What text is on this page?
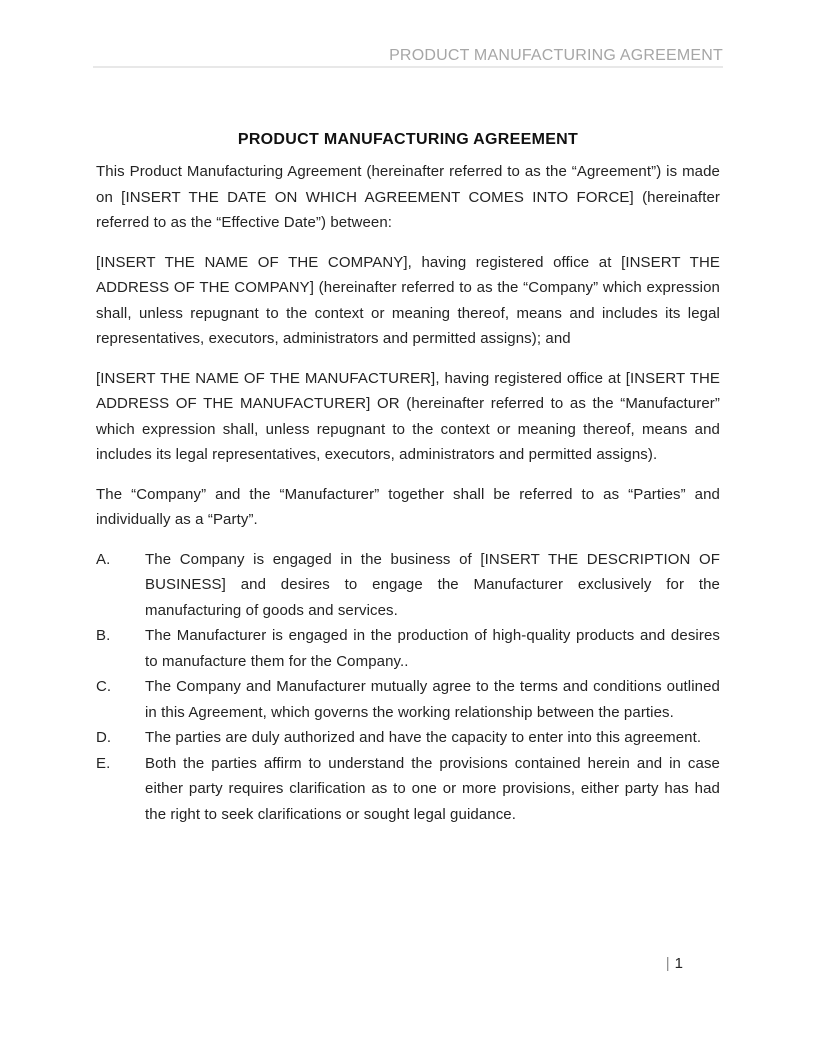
PRODUCT MANUFACTURING AGREEMENT
PRODUCT MANUFACTURING AGREEMENT

This Product Manufacturing Agreement (hereinafter referred to as the “Agreement”) is made on [INSERT THE DATE ON WHICH AGREEMENT COMES INTO FORCE] (hereinafter referred to as the “Effective Date”) between:

[INSERT THE NAME OF THE COMPANY], having registered office at [INSERT THE ADDRESS OF THE COMPANY] (hereinafter referred to as the “Company” which expression shall, unless repugnant to the context or meaning thereof, means and includes its legal representatives, executors, administrators and permitted assigns); and

[INSERT THE NAME OF THE MANUFACTURER], having registered office at [INSERT THE ADDRESS OF THE MANUFACTURER] OR (hereinafter referred to as the “Manufacturer” which expression shall, unless repugnant to the context or meaning thereof, means and includes its legal representatives, executors, administrators and permitted assigns).

The “Company” and the “Manufacturer” together shall be referred to as “Parties” and individually as a “Party”.

A.	The Company is engaged in the business of [INSERT THE DESCRIPTION OF BUSINESS] and desires to engage the Manufacturer exclusively for the manufacturing of goods and services.
B.	The Manufacturer is engaged in the production of high-quality products and desires to manufacture them for the Company..
C.	The Company and Manufacturer mutually agree to the terms and conditions outlined in this Agreement, which governs the working relationship between the parties.
D.	The parties are duly authorized and have the capacity to enter into this agreement.
E.	Both the parties affirm to understand the provisions contained herein and in case either party requires clarification as to one or more provisions, either party has had the right to seek clarifications or sought legal guidance.
| 1
